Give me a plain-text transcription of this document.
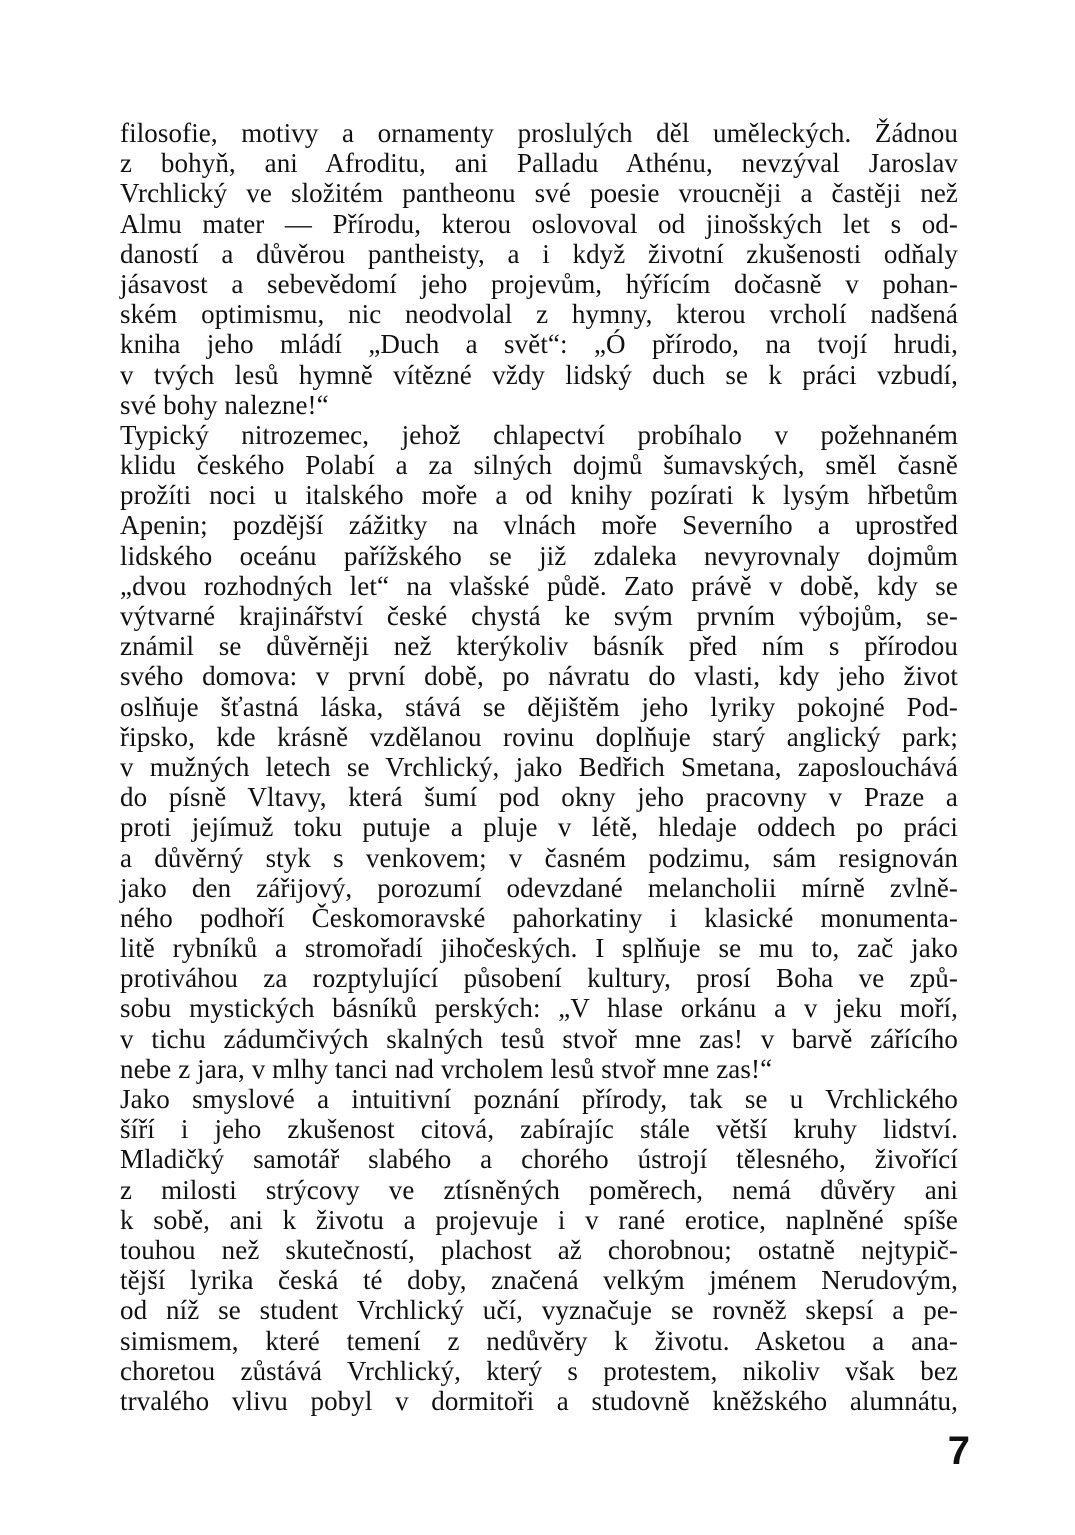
filosofie, motivy a ornamenty proslulých děl uměleckých. Žádnou
z bohyň, ani Afroditu, ani Palladu Athénu, nevzýval Jaroslav
Vrchlický ve složitém pantheonu své poesie vroucněji a častěji než
Almu mater — Přírodu, kterou oslovoval od jinošských let s od-
daností a důvěrou pantheisty, a i když životní zkušenosti odňaly
jásavost a sebevědomí jeho projevům, hýřícím dočasně v pohan-
ském optimismu, nic neodvolal z hymny, kterou vrcholí nadšená
kniha jeho mládí „Duch a svět“: „Ó přírodo, na tvojí hrudi,
v tvých lesů hymně vítězné vždy lidský duch se k práci vzbudí,
své bohy nalezne!“
Typický nitrozemec, jehož chlapectví probíhalo v požehnaném
klidu českého Polabí a za silných dojmů šumavských, směl časně
prožíti noci u italského moře a od knihy pozírati k lysým hřbetům
Apenin; pozdější zážitky na vlnách moře Severního a uprostřed
lidského oceánu pařížského se již zdaleka nevyrovnaly dojmům
„dvou rozhodných let“ na vlašské půdě. Zato právě v době, kdy se
výtvarné krajinářství české chystá ke svým prvním výbojům, se-
známil se důvěrněji než kterýkoliv básník před ním s přírodou
svého domova: v první době, po návratu do vlasti, kdy jeho život
oslňuje šťastná láska, stává se dějištěm jeho lyriky pokojné Pod-
řipsko, kde krásně vzdělanou rovinu doplňuje starý anglický park;
v mužných letech se Vrchlický, jako Bedřich Smetana, zaposlouchává
do písně Vltavy, která šumí pod okny jeho pracovny v Praze a
proti jejímuž toku putuje a pluje v létě, hledaje oddech po práci
a důvěrný styk s venkovem; v časném podzimu, sám resignován
jako den zářijový, porozumí odevzdané melancholii mírně zvlně-
ného podhoří Českomoravské pahorkatiny i klasické monumenta-
litě rybníků a stromořadí jihočeských. I splňuje se mu to, zač jako
protiváhou za rozptylující působení kultury, prosí Boha ve způ-
sobu mystických básníků perských: „V hlase orkánu a v jeku moří,
v tichu zádumčivých skalných tesů stvoř mne zas! v barvě zářícího
nebe z jara, v mlhy tanci nad vrcholem lesů stvoř mne zas!“
Jako smyslové a intuitivní poznání přírody, tak se u Vrchlického
šíří i jeho zkušenost citová, zabírajíc stále větší kruhy lidství.
Mladičký samotář slabého a chorého ústrojí tělesného, živořící
z milosti strýcovy ve ztísněných poměrech, nemá důvěry ani
k sobě, ani k životu a projevuje i v rané erotice, naplněné spíše
touhou než skutečností, plachost až chorobnou; ostatně nejtypič-
tější lyrika česká té doby, značená velkým jménem Nerudovým,
od níž se student Vrchlický učí, vyznačuje se rovněž skepsí a pe-
simismem, které temení z nedůvěry k životu. Asketou a ana-
choretou zůstává Vrchlický, který s protestem, nikoliv však bez
trvalého vlivu pobyl v dormitoři a studovně kněžského alumnátu,
7
